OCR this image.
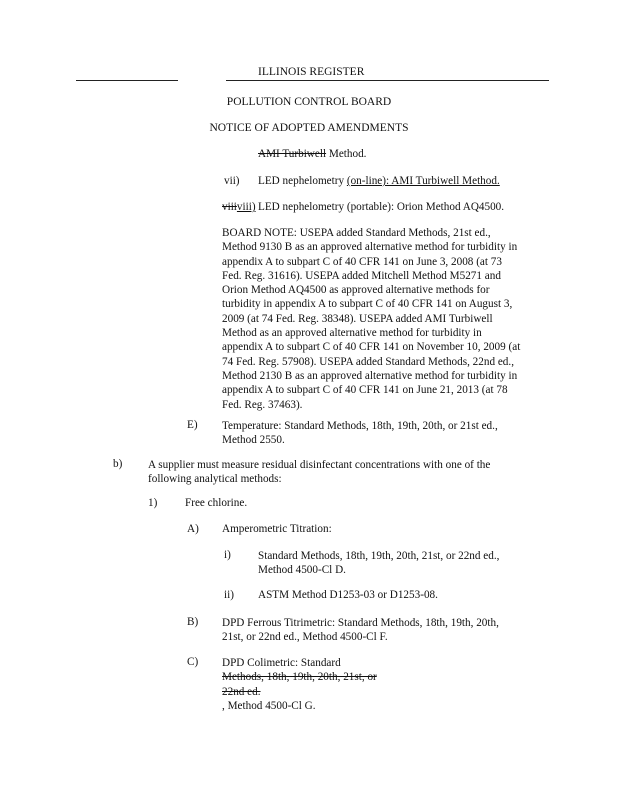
ILLINOIS REGISTER
POLLUTION CONTROL BOARD
NOTICE OF ADOPTED AMENDMENTS
AMI Turbiwell Method.
vii) LED nephelometry (on-line): AMI Turbiwell Method.
viiiviii) LED nephelometry (portable): Orion Method AQ4500.
BOARD NOTE: USEPA added Standard Methods, 21st ed.,
Method 9130 B as an approved alternative method for turbidity in
appendix A to subpart C of 40 CFR 141 on June 3, 2008 (at 73
Fed. Reg. 31616). USEPA added Mitchell Method M5271 and
Orion Method AQ4500 as approved alternative methods for
turbidity in appendix A to subpart C of 40 CFR 141 on August 3,
2009 (at 74 Fed. Reg. 38348). USEPA added AMI Turbiwell
Method as an approved alternative method for turbidity in
appendix A to subpart C of 40 CFR 141 on November 10, 2009 (at
74 Fed. Reg. 57908). USEPA added Standard Methods, 22nd ed.,
Method 2130 B as an approved alternative method for turbidity in
appendix A to subpart C of 40 CFR 141 on June 21, 2013 (at 78
Fed. Reg. 37463).
E) Temperature: Standard Methods, 18th, 19th, 20th, or 21st ed.,
Method 2550.
b) A supplier must measure residual disinfectant concentrations with one of the
following analytical methods:
1) Free chlorine.
A) Amperometric Titration:
i) Standard Methods, 18th, 19th, 20th, 21st, or 22nd ed.,
Method 4500-Cl D.
ii) ASTM Method D1253-03 or D1253-08.
B) DPD Ferrous Titrimetric: Standard Methods, 18th, 19th, 20th,
21st, or 22nd ed., Method 4500-Cl F.
C) DPD Colimetric: Standard
Methods, 18th, 19th, 20th, 21st, or
22nd ed.
, Method 4500-Cl G.
